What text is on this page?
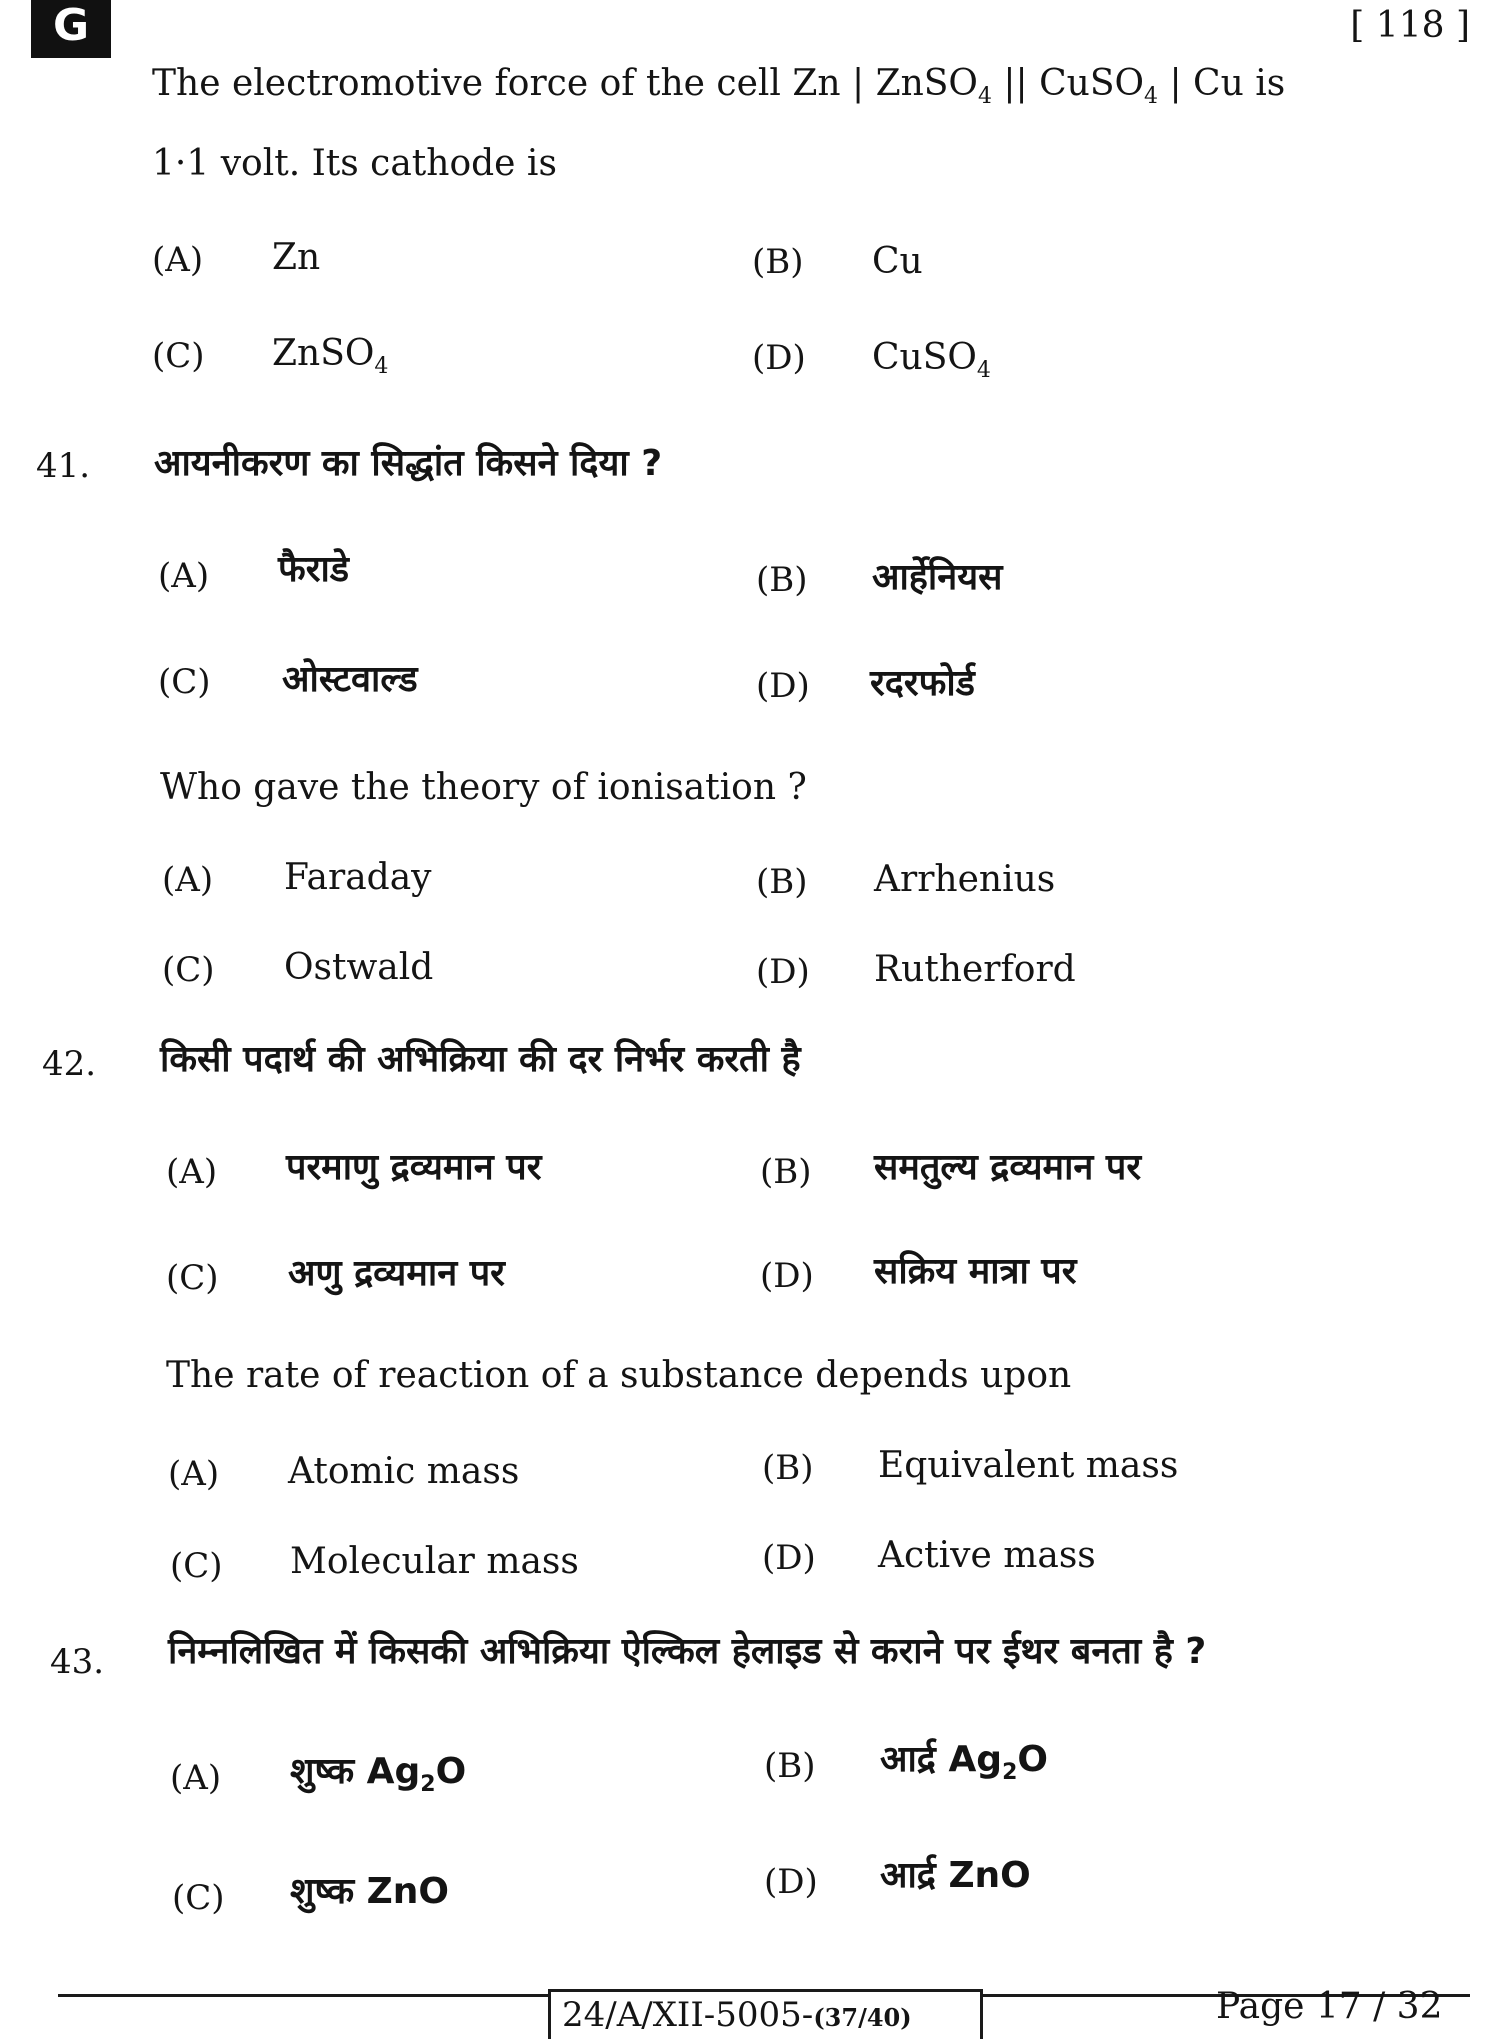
G	[ 118 ]
The electromotive force of the cell Zn | ZnSO$_4$ || CuSO$_4$ | Cu is
1·1 volt. Its cathode is
(A) Zn	(B) Cu
(C) ZnSO$_4$	(D) CuSO$_4$
41. आयनीकरण का सिद्धांत किसने दिया ?
(A) फैराडे	(B) आर्हेनियस
(C) ओस्टवाल्ड	(D) रदरफोर्ड
Who gave the theory of ionisation ?
(A) Faraday	(B) Arrhenius
(C) Ostwald	(D) Rutherford
42. किसी पदार्थ की अभिक्रिया की दर निर्भर करती है
(A) परमाणु द्रव्यमान पर	(B) समतुल्य द्रव्यमान पर
(C) अणु द्रव्यमान पर	(D) सक्रिय मात्रा पर
The rate of reaction of a substance depends upon
(A) Atomic mass	(B) Equivalent mass
(C) Molecular mass	(D) Active mass
43. निम्नलिखित में किसकी अभिक्रिया ऐल्किल हेलाइड से कराने पर ईथर बनता है ?
(A) शुष्क $Ag_2O$	(B) आर्द्र $Ag_2O$
(C) शुष्क ZnO	(D) आर्द्र ZnO
24/A/XII-5005-(37/40)	Page 17 / 32
